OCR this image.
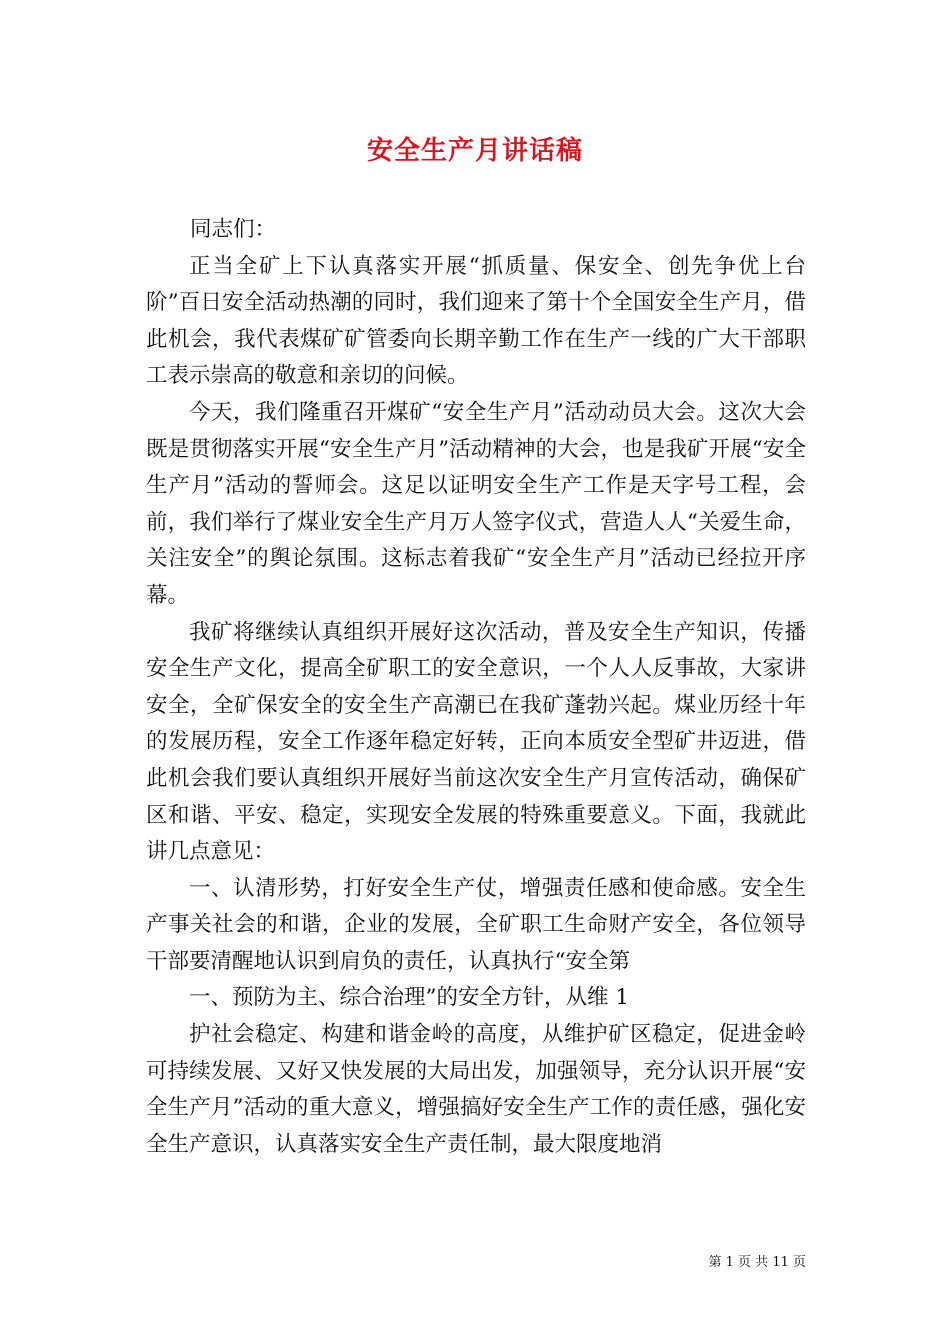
安全生产月讲话稿

同志们：

正当全矿上下认真落实开展“抓质量、保安全、创先争优上台阶”百日安全活动热潮的同时，我们迎来了第十个全国安全生产月，借此机会，我代表煤矿矿管委向长期辛勤工作在生产一线的广大干部职工表示崇高的敬意和亲切的问候。

今天，我们隆重召开煤矿“安全生产月”活动动员大会。这次大会既是贯彻落实开展“安全生产月”活动精神的大会，也是我矿开展“安全生产月”活动的誓师会。这足以证明安全生产工作是天字号工程，会前，我们举行了煤业安全生产月万人签字仪式，营造人人“关爱生命，关注安全”的舆论氛围。这标志着我矿“安全生产月”活动已经拉开序幕。

我矿将继续认真组织开展好这次活动，普及安全生产知识，传播安全生产文化，提高全矿职工的安全意识，一个人人反事故，大家讲安全，全矿保安全的安全生产高潮已在我矿蓬勃兴起。煤业历经十年的发展历程，安全工作逐年稳定好转，正向本质安全型矿井迈进，借此机会我们要认真组织开展好当前这次安全生产月宣传活动，确保矿区和谐、平安、稳定，实现安全发展的特殊重要意义。下面，我就此讲几点意见：

一、认清形势，打好安全生产仗，增强责任感和使命感。安全生产事关社会的和谐，企业的发展，全矿职工生命财产安全，各位领导干部要清醒地认识到肩负的责任，认真执行“安全第

一、预防为主、综合治理”的安全方针，从维 1

护社会稳定、构建和谐金岭的高度，从维护矿区稳定，促进金岭可持续发展、又好又快发展的大局出发，加强领导，充分认识开展“安全生产月”活动的重大意义，增强搞好安全生产工作的责任感，强化安全生产意识，认真落实安全生产责任制，最大限度地消

第 1 页 共 11 页
